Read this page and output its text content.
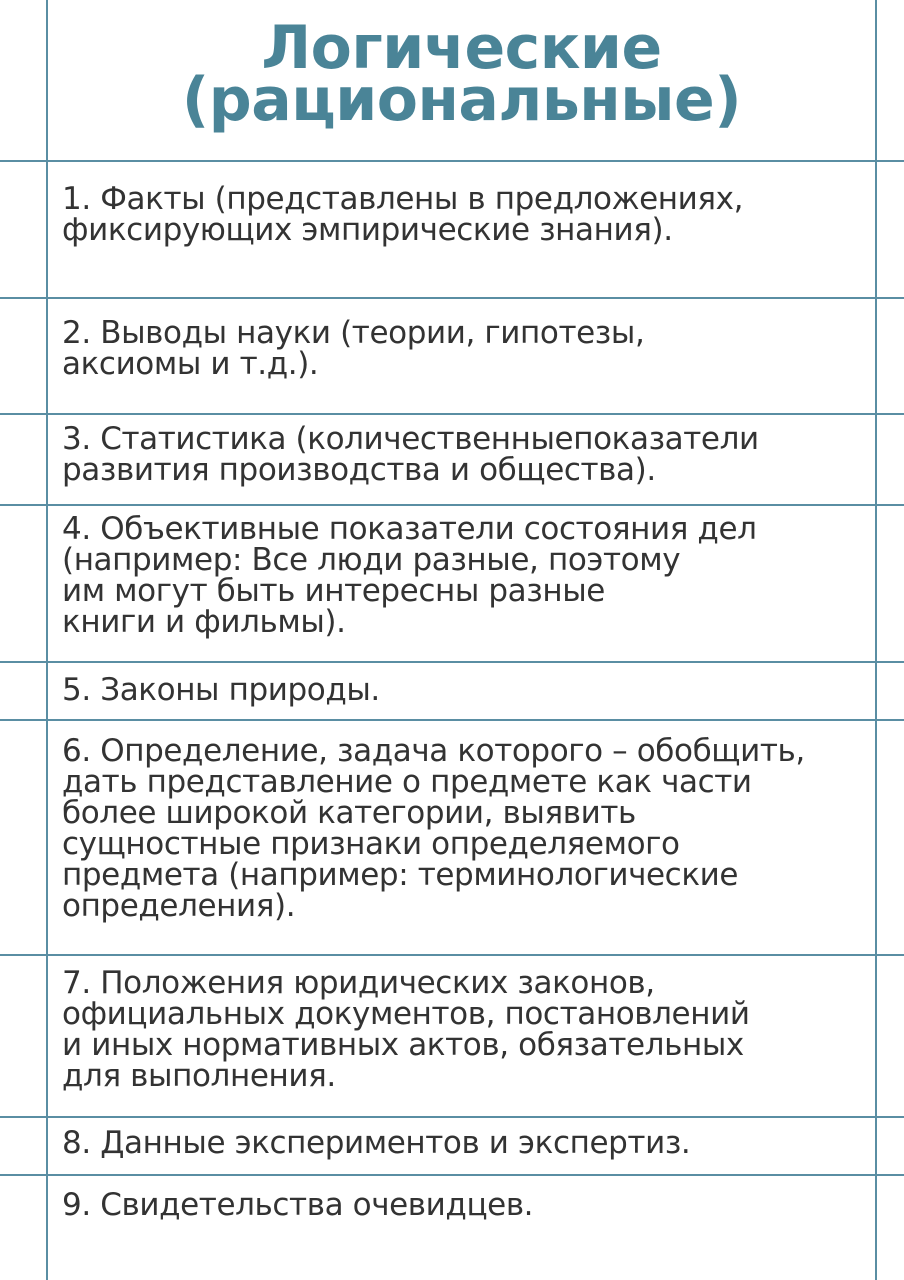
Логические
(рациональные)
1. Факты (представлены в предложениях,
фиксирующих эмпирические знания).
2. Выводы науки (теории, гипотезы,
аксиомы и т.д.).
3. Статистика (количественныепоказатели
развития производства и общества).
4. Объективные показатели состояния дел
(например: Все люди разные, поэтому
им могут быть интересны разные
книги и фильмы).
5. Законы природы.
6. Определение, задача которого – обобщить,
дать представление о предмете как части
более широкой категории, выявить
сущностные признаки определяемого
предмета (например: терминологические
определения).
7. Положения юридических законов,
официальных документов, постановлений
и иных нормативных актов, обязательных
для выполнения.
8. Данные экспериментов и экспертиз.
9. Свидетельства очевидцев.
